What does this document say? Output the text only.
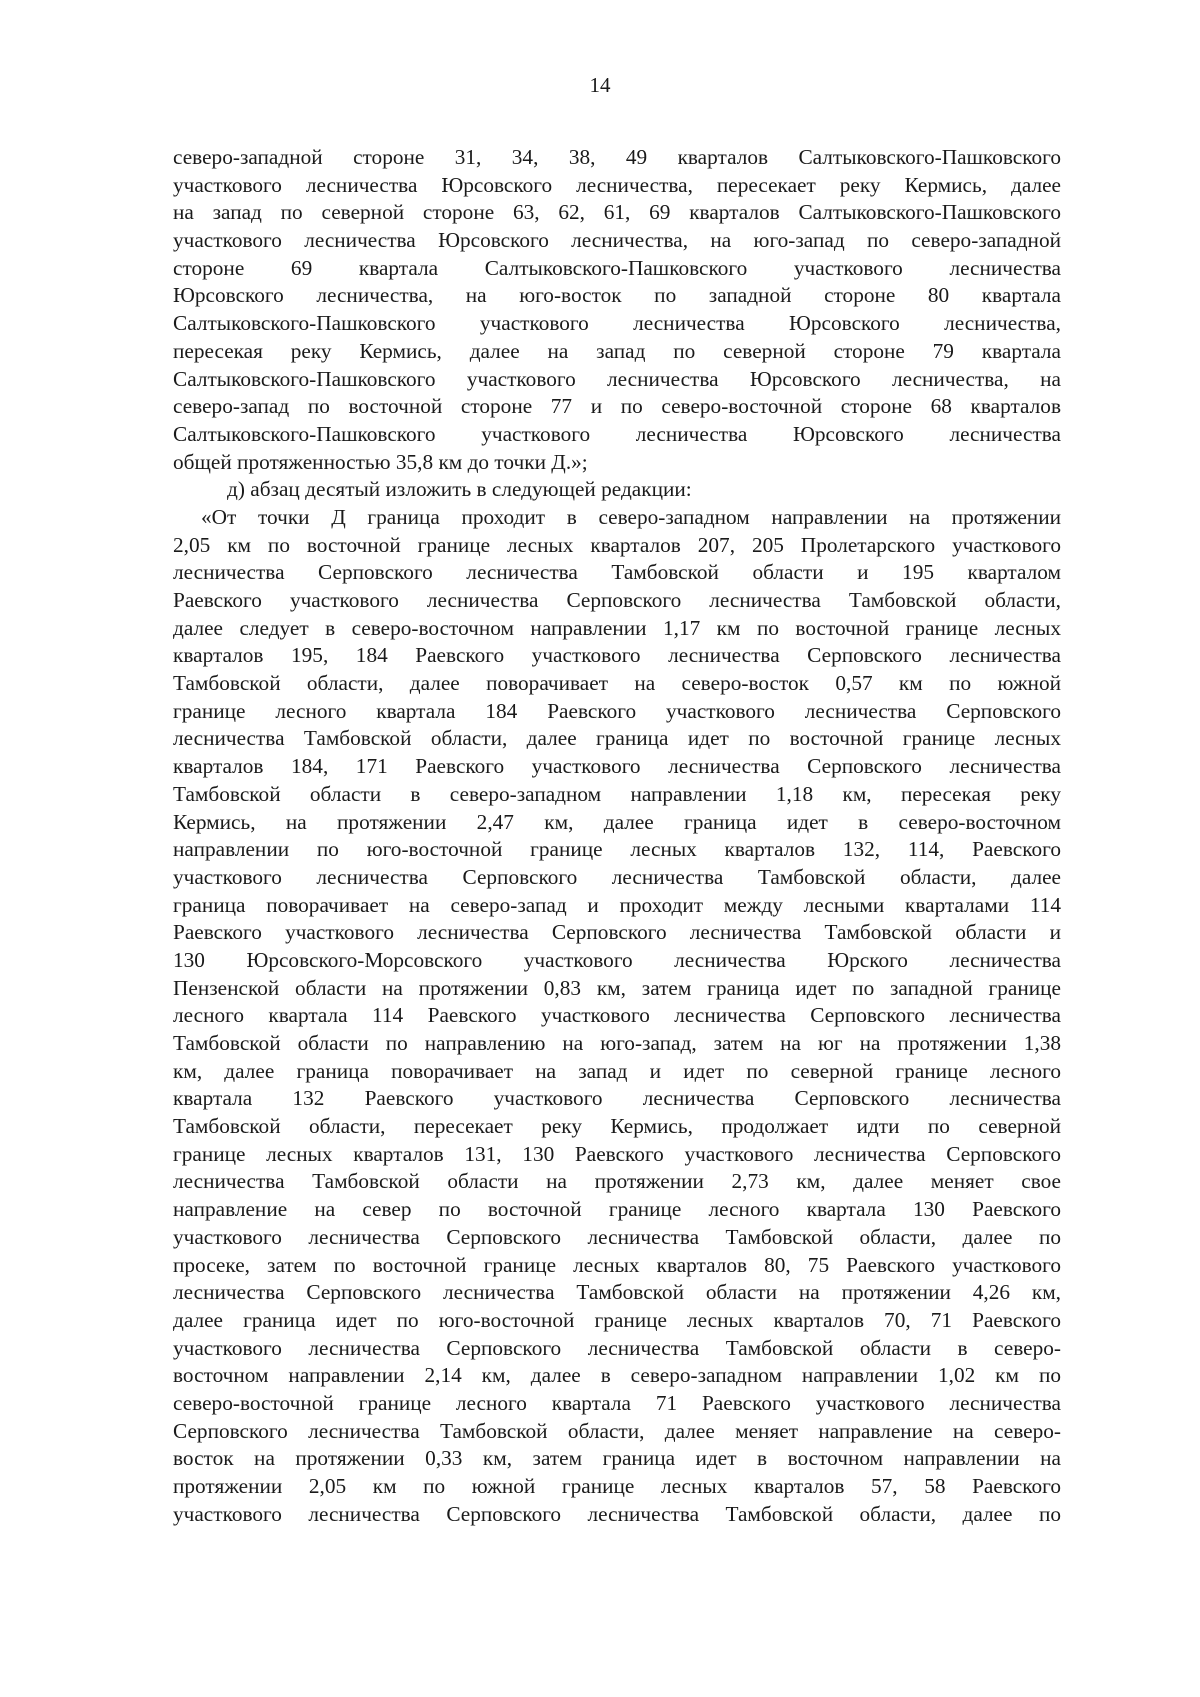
14
северо-западной стороне 31, 34, 38, 49 кварталов Салтыковского-Пашковского
участкового лесничества Юрсовского лесничества, пересекает реку Кермись, далее
на запад по северной стороне 63, 62, 61, 69 кварталов Салтыковского-Пашковского
участкового лесничества Юрсовского лесничества, на юго-запад по северо-западной
стороне 69 квартала Салтыковского-Пашковского участкового лесничества
Юрсовского лесничества, на юго-восток по западной стороне 80 квартала
Салтыковского-Пашковского участкового лесничества Юрсовского лесничества,
пересекая реку Кермись, далее на запад по северной стороне 79 квартала
Салтыковского-Пашковского участкового лесничества Юрсовского лесничества, на
северо-запад по восточной стороне 77 и по северо-восточной стороне 68 кварталов
Салтыковского-Пашковского участкового лесничества Юрсовского лесничества
общей протяженностью 35,8 км до точки Д.»;
д) абзац десятый изложить в следующей редакции:
«От точки Д граница проходит в северо-западном направлении на протяжении
2,05 км по восточной границе лесных кварталов 207, 205 Пролетарского участкового
лесничества Серповского лесничества Тамбовской области и 195 кварталом
Раевского участкового лесничества Серповского лесничества Тамбовской области,
далее следует в северо-восточном направлении 1,17 км по восточной границе лесных
кварталов 195, 184 Раевского участкового лесничества Серповского лесничества
Тамбовской области, далее поворачивает на северо-восток 0,57 км по южной
границе лесного квартала 184 Раевского участкового лесничества Серповского
лесничества Тамбовской области, далее граница идет по восточной границе лесных
кварталов 184, 171 Раевского участкового лесничества Серповского лесничества
Тамбовской области в северо-западном направлении 1,18 км, пересекая реку
Кермись, на протяжении 2,47 км, далее граница идет в северо-восточном
направлении по юго-восточной границе лесных кварталов 132, 114, Раевского
участкового лесничества Серповского лесничества Тамбовской области, далее
граница поворачивает на северо-запад и проходит между лесными кварталами 114
Раевского участкового лесничества Серповского лесничества Тамбовской области и
130 Юрсовского-Морсовского участкового лесничества Юрского лесничества
Пензенской области на протяжении 0,83 км, затем граница идет по западной границе
лесного квартала 114 Раевского участкового лесничества Серповского лесничества
Тамбовской области по направлению на юго-запад, затем на юг на протяжении 1,38
км, далее граница поворачивает на запад и идет по северной границе лесного
квартала 132 Раевского участкового лесничества Серповского лесничества
Тамбовской области, пересекает реку Кермись, продолжает идти по северной
границе лесных кварталов 131, 130 Раевского участкового лесничества Серповского
лесничества Тамбовской области на протяжении 2,73 км, далее меняет свое
направление на север по восточной границе лесного квартала 130 Раевского
участкового лесничества Серповского лесничества Тамбовской области, далее по
просеке, затем по восточной границе лесных кварталов 80, 75 Раевского участкового
лесничества Серповского лесничества Тамбовской области на протяжении 4,26 км,
далее граница идет по юго-восточной границе лесных кварталов 70, 71 Раевского
участкового лесничества Серповского лесничества Тамбовской области в северо-
восточном направлении 2,14 км, далее в северо-западном направлении 1,02 км по
северо-восточной границе лесного квартала 71 Раевского участкового лесничества
Серповского лесничества Тамбовской области, далее меняет направление на северо-
восток на протяжении 0,33 км, затем граница идет в восточном направлении на
протяжении 2,05 км по южной границе лесных кварталов 57, 58 Раевского
участкового лесничества Серповского лесничества Тамбовской области, далее по
